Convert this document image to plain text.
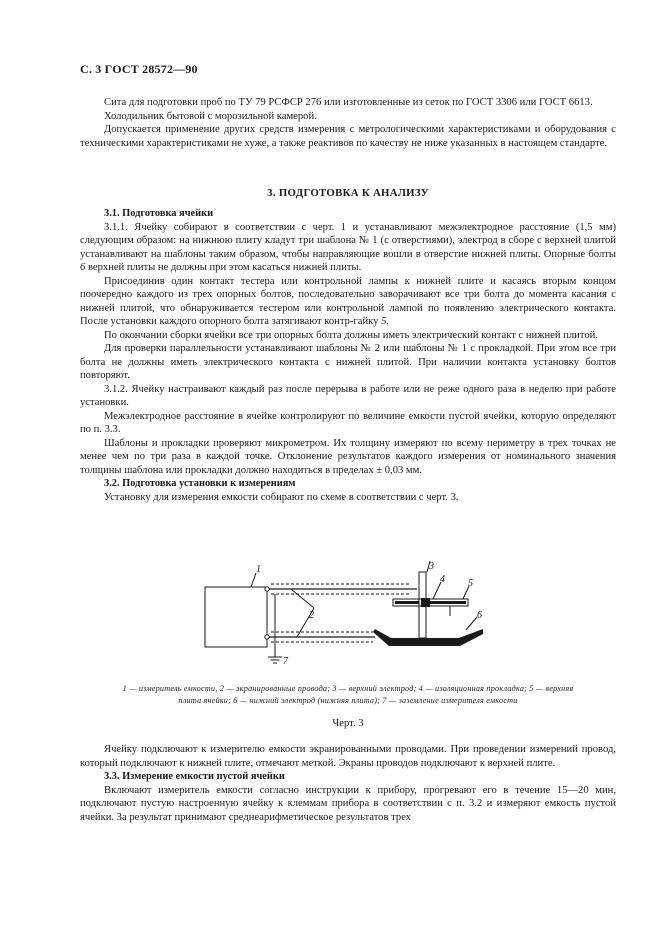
С. 3 ГОСТ 28572—90

Сита для подготовки проб по ТУ 79 РСФСР 276 или изготовленные из сеток по ГОСТ 3306 или ГОСТ 6613.

Холодильник бытовой с морозильной камерой.

Допускается применение других средств измерения с метрологическими характеристиками и оборудования с техническими характеристиками не хуже, а также реактивов по качеству не ниже указанных в настоящем стандарте.

3. ПОДГОТОВКА К АНАЛИЗУ

3.1. Подготовка ячейки

3.1.1. Ячейку собирают в соответствии с черт. 1 и устанавливают межэлектродное расстояние (1,5 мм) следующим образом: на нижнюю плиту кладут три шаблона № 1 (с отверстиями), электрод в сборе с верхней плитой устанавливают на шаблоны таким образом, чтобы направляющие вошли в отверстие нижней плиты. Опорные болты 6 верхней плиты не должны при этом касаться нижней плиты.

Присоединив один контакт тестера или контрольной лампы к нижней плите и касаясь вторым концом поочередно каждого из трех опорных болтов, последовательно заворачивают все три болта до момента касания с нижней плитой, что обнаруживается тестером или контрольной лампой по появлению электрического контакта. После установки каждого опорного болта затягивают контр-гайку 5.

По окончании сборки ячейки все три опорных болта должны иметь электрический контакт с нижней плитой.

Для проверки параллельности устанавливают шаблоны № 2 или шаблоны № 1 с прокладкой. При этом все три болта не должны иметь электрического контакта с нижней плитой. При наличии контакта установку болтов повторяют.

3.1.2. Ячейку настраивают каждый раз после перерыва в работе или не реже одного раза в неделю при работе установки.

Межэлектродное расстояние в ячейке контролируют по величине емкости пустой ячейки, которую определяют по п. 3.3.

Шаблоны и прокладки проверяют микрометром. Их толщину измеряют по всему периметру в трех точках не менее чем по три раза в каждой точке. Отклонение результатов каждого измерения от номинального значения толщины шаблона или прокладки должно находиться в пределах ± 0,03 мм.

3.2. Подготовка установки к измерениям

Установку для измерения емкости собирают по схеме в соответствии с черт. 3.

1
2
3
4 5
6
7
1 — измеритель емкости, 2 — экранированные провода; 3 — верхний электрод; 4 — изоляционная прокладка; 5 — верхняя
плита ячейки; 6 — нижний электрод (нижняя плита); 7 — заземление измерителя емкости
Черт. 3

Ячейку подключают к измерителю емкости экранированными проводами. При проведении измерений провод, который подключают к нижней плите, отмечают меткой. Экраны проводов подключают к верхней плите.

3.3. Измерение емкости пустой ячейки

Включают измеритель емкости согласно инструкции к прибору, прогревают его в течение 15—20 мин, подключают пустую настроенную ячейку к клеммам прибора в соответствии с п. 3.2 и измеряют емкость пустой ячейки. За результат принимают среднеарифметическое результатов трех
